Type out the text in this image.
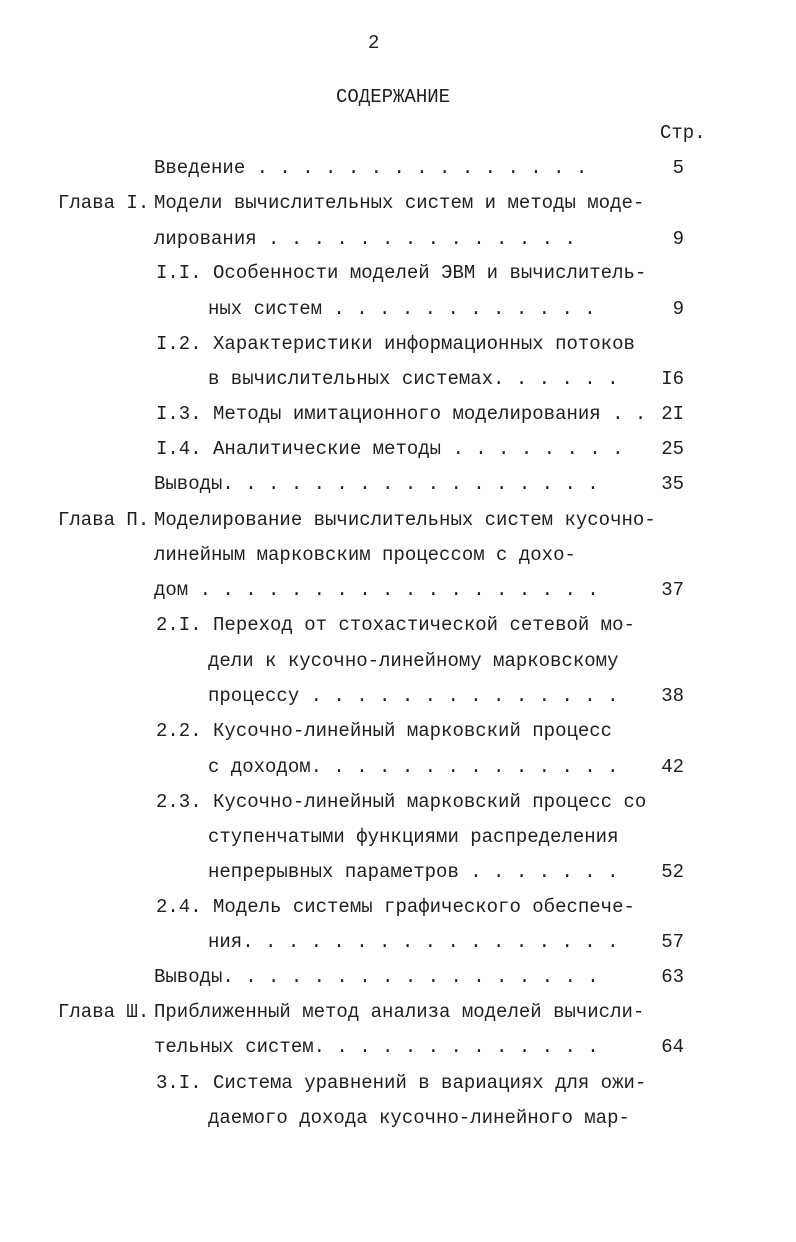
2
СОДЕРЖАНИЕ
Стр.
Глава I.
Глава П.
Глава Ш.
Введение . . . . . . . . . . . . . . .
Модели вычислительных систем и методы моде-
лирования . . . . . . . . . . . . . .
I.I. Особенности моделей ЭВМ и вычислитель-
ных систем . . . . . . . . . . . .
I.2. Характеристики информационных потоков
в вычислительных системах. . . . . .
I.3. Методы имитационного моделирования . .
I.4. Аналитические методы . . . . . . . .
Выводы. . . . . . . . . . . . . . . . .
Моделирование вычислительных систем кусочно-
линейным марковским процессом с дохо-
дом . . . . . . . . . . . . . . . . . .
2.I. Переход от стохастической сетевой мо-
дели к кусочно-линейному марковскому
процессу . . . . . . . . . . . . . .
2.2. Кусочно-линейный марковский процесс
с доходом. . . . . . . . . . . . . .
2.3. Кусочно-линейный марковский процесс со
ступенчатыми функциями распределения
непрерывных параметров . . . . . . .
2.4. Модель системы графического обеспече-
ния. . . . . . . . . . . . . . . . .
Выводы. . . . . . . . . . . . . . . . .
Приближенный метод анализа моделей вычисли-
тельных систем. . . . . . . . . . . . .
3.I. Система уравнений в вариациях для ожи-
даемого дохода кусочно-линейного мар-
5
9
9
I6
2I
25
35
37
38
42
52
57
63
64
